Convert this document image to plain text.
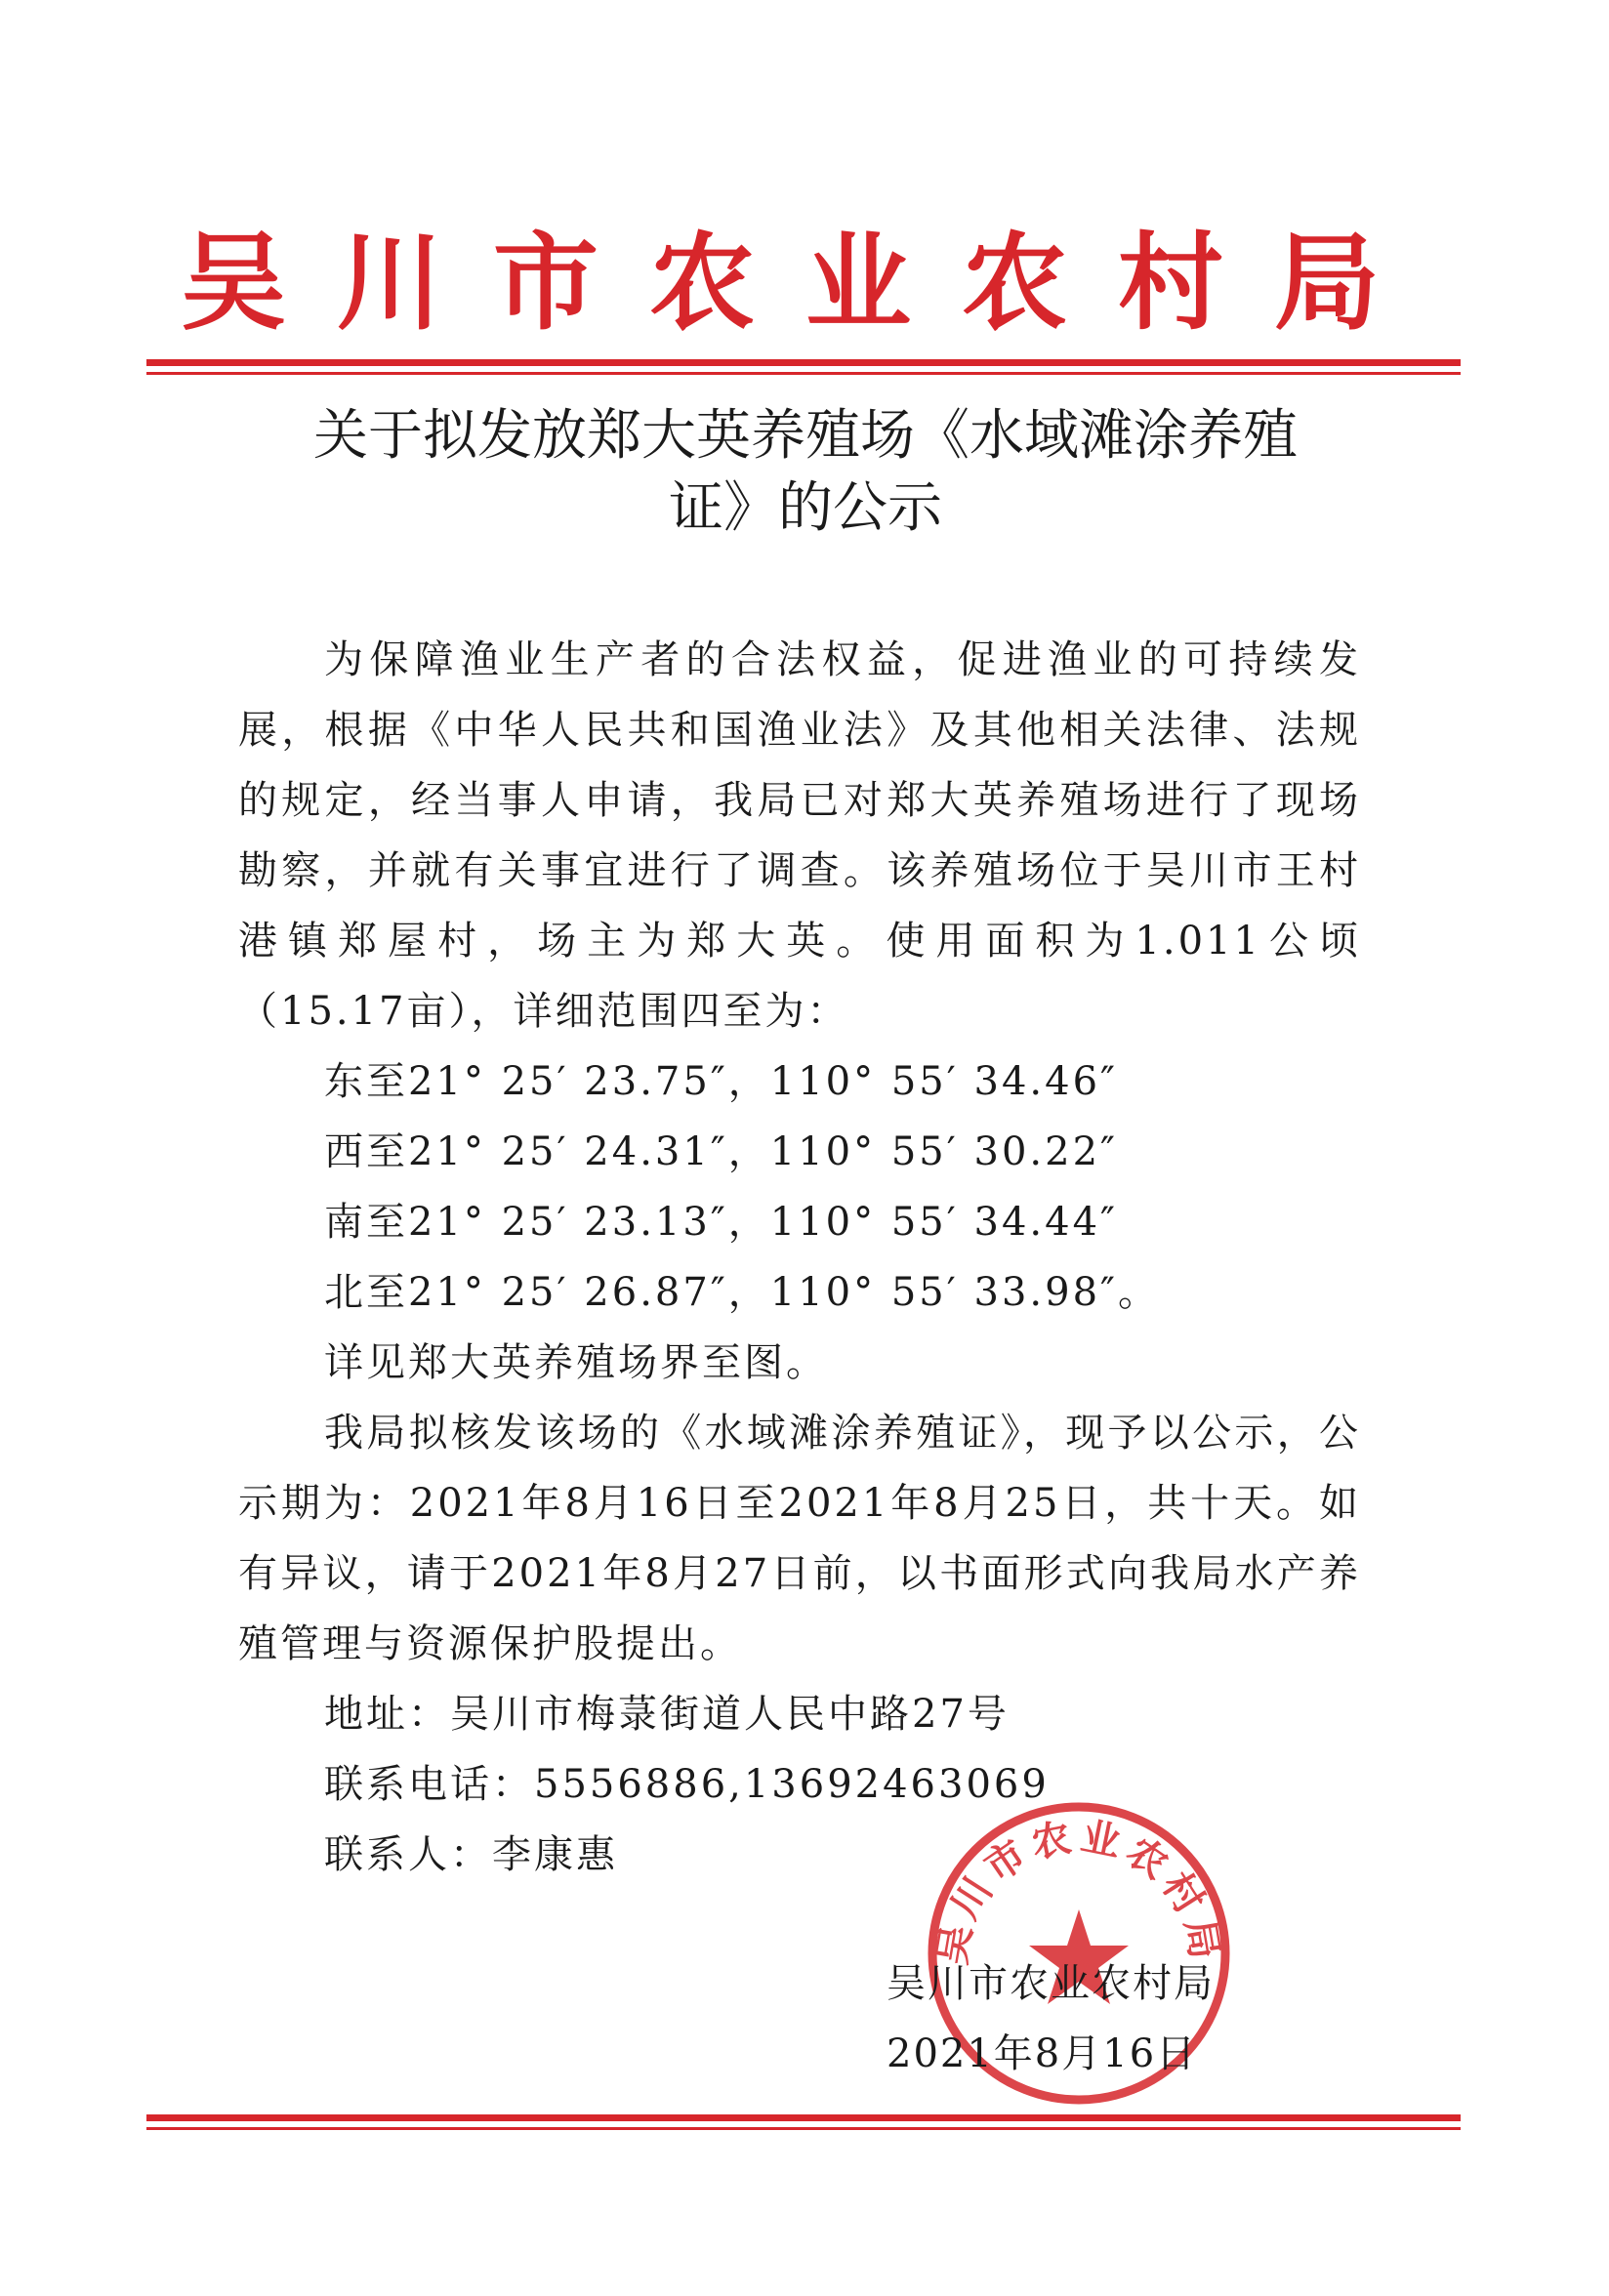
吴川市农业农村局
关于拟发放郑大英养殖场《水域滩涂养殖
证》的公示

为保障渔业生产者的合法权益，促进渔业的可持续发展，根据《中华人民共和国渔业法》及其他相关法律、法规的规定，经当事人申请，我局已对郑大英养殖场进行了现场勘察，并就有关事宜进行了调查。该养殖场位于吴川市王村港镇郑屋村，场主为郑大英。使用面积为1.011公顷（15.17亩），详细范围四至为：

东至21° 25′ 23.75″，110° 55′ 34.46″

西至21° 25′ 24.31″，110° 55′ 30.22″

南至21° 25′ 23.13″，110° 55′ 34.44″

北至21° 25′ 26.87″，110° 55′ 33.98″。

详见郑大英养殖场界至图。

我局拟核发该场的《水域滩涂养殖证》，现予以公示，公示期为：2021年8月16日至2021年8月25日，共十天。如有异议，请于2021年8月27日前，以书面形式向我局水产养殖管理与资源保护股提出。

地址：吴川市梅菉街道人民中路27号

联系电话：5556886,13692463069

联系人：李康惠

吴川市农业农村局
吴川市农业农村局
2021年8月16日
